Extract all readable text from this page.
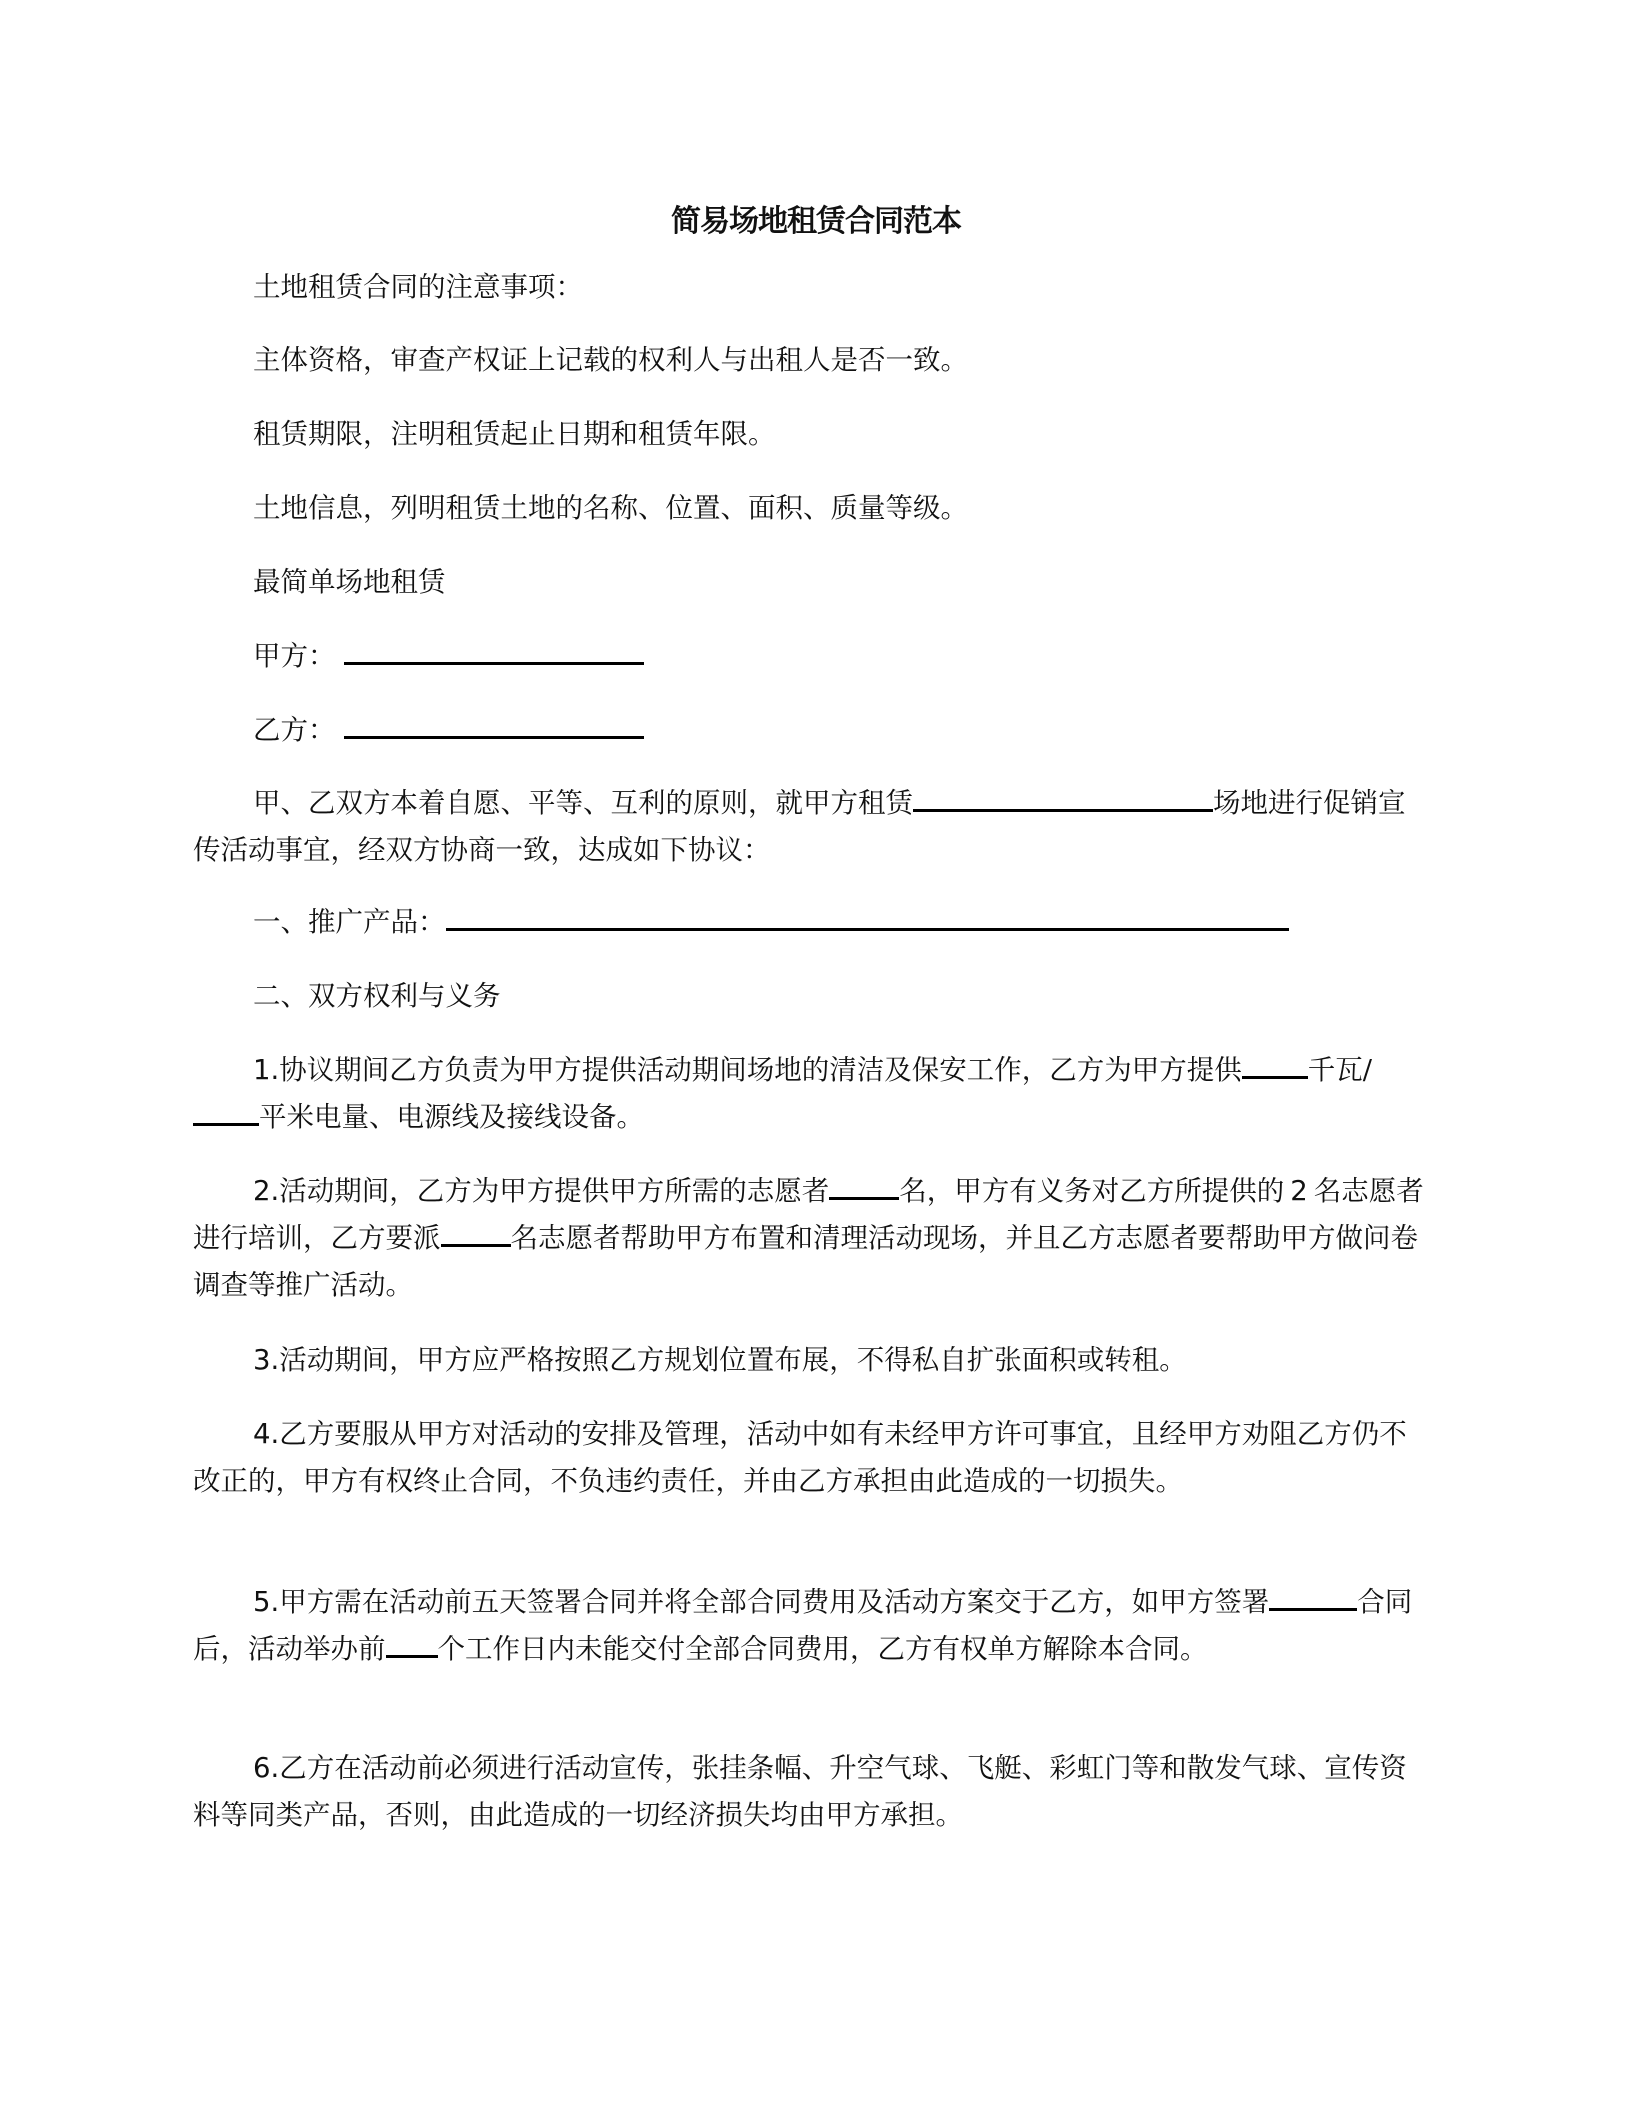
简易场地租赁合同范本

土地租赁合同的注意事项：

主体资格，审查产权证上记载的权利人与出租人是否一致。

租赁期限，注明租赁起止日期和租赁年限。

土地信息，列明租赁土地的名称、位置、面积、质量等级。

最简单场地租赁

甲方：

乙方：

甲、乙双方本着自愿、平等、互利的原则，就甲方租赁	场地进行促销宣传活动事宜，经双方协商一致，达成如下协议：

一、推广产品：

二、双方权利与义务

1.协议期间乙方负责为甲方提供活动期间场地的清洁及保安工作，乙方为甲方提供 千瓦/平米电量、电源线及接线设备。

2.活动期间，乙方为甲方提供甲方所需的志愿者	名，甲方有义务对乙方所提供的 2 名志愿者进行培训，乙方要派	名志愿者帮助甲方布置和清理活动现场，并且乙方志愿者要帮助甲方做问卷调查等推广活动。

3.活动期间，甲方应严格按照乙方规划位置布展，不得私自扩张面积或转租。

4.乙方要服从甲方对活动的安排及管理，活动中如有未经甲方许可事宜，且经甲方劝阻乙方仍不改正的，甲方有权终止合同，不负违约责任，并由乙方承担由此造成的一切损失。

5.甲方需在活动前五天签署合同并将全部合同费用及活动方案交于乙方，如甲方签署	合同后，活动举办前 个工作日内未能交付全部合同费用，乙方有权单方解除本合同。

6.乙方在活动前必须进行活动宣传，张挂条幅、升空气球、飞艇、彩虹门等和散发气球、宣传资料等同类产品，否则，由此造成的一切经济损失均由甲方承担。
